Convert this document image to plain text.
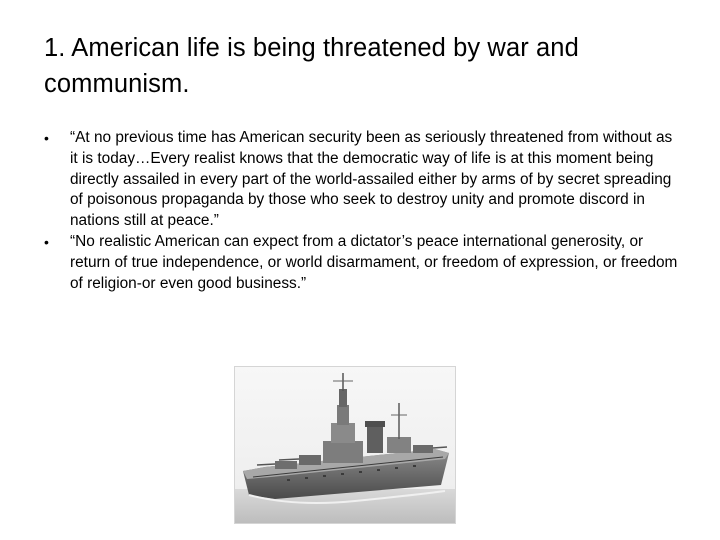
1. American life is being threatened by war and communism.
• “At no previous time has American security been as seriously threatened from without as it is today…Every realist knows that the democratic way of life is at this moment being directly assailed in every part of the world-assailed either by arms of by secret spreading of poisonous propaganda by those who seek to destroy unity and promote discord in nations still at peace.”
• “No realistic American can expect from a dictator’s peace international generosity, or return of true independence, or world disarmament, or freedom of expression, or freedom of religion-or even good business.”
